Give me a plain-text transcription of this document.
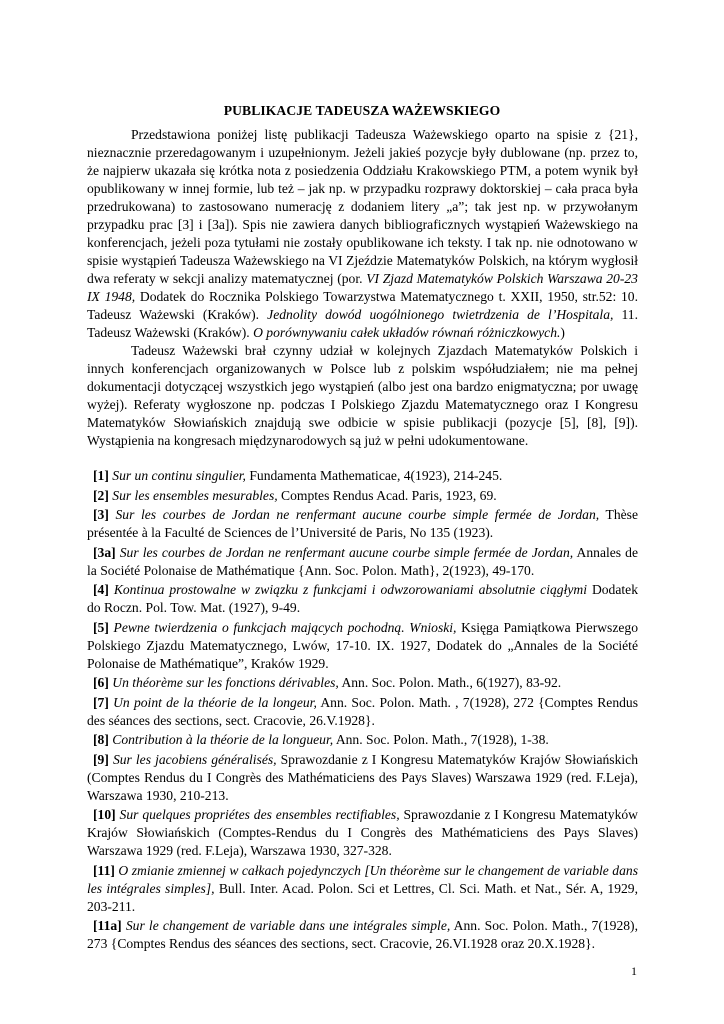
PUBLIKACJE TADEUSZA WAŻEWSKIEGO

Przedstawiona poniżej listę publikacji Tadeusza Ważewskiego oparto na spisie z {21}, nieznacznie przeredagowanym i uzupełnionym. Jeżeli jakieś pozycje były dublowane (np. przez to, że najpierw ukazała się krótka nota z posiedzenia Oddziału Krakowskiego PTM, a potem wynik był opublikowany w innej formie, lub też – jak np. w przypadku rozprawy doktorskiej – cała praca była przedrukowana) to zastosowano numerację z dodaniem litery „a”; tak jest np. w przywołanym przypadku prac [3] i [3a]). Spis nie zawiera danych bibliograficznych wystąpień Ważewskiego na konferencjach, jeżeli poza tytułami nie zostały opublikowane ich teksty. I tak np. nie odnotowano w spisie wystąpień Tadeusza Ważewskiego na VI Zjeździe Matematyków Polskich, na którym wygłosił dwa referaty w sekcji analizy matematycznej (por. VI Zjazd Matematyków Polskich Warszawa 20-23 IX 1948, Dodatek do Rocznika Polskiego Towarzystwa Matematycznego t. XXII, 1950, str.52: 10. Tadeusz Ważewski (Kraków). Jednolity dowód uogólnionego twietrdzenia de l’Hospitala, 11. Tadeusz Ważewski (Kraków). O porównywaniu całek układów równań różniczkowych.)

Tadeusz Ważewski brał czynny udział w kolejnych Zjazdach Matematyków Polskich i innych konferencjach organizowanych w Polsce lub z polskim współudziałem; nie ma pełnej dokumentacji dotyczącej wszystkich jego wystąpień (albo jest ona bardzo enigmatyczna; por uwagę wyżej). Referaty wygłoszone np. podczas I Polskiego Zjazdu Matematycznego oraz I Kongresu Matematyków Słowiańskich znajdują swe odbicie w spisie publikacji (pozycje [5], [8], [9]). Wystąpienia na kongresach międzynarodowych są już w pełni udokumentowane.

[1] Sur un continu singulier, Fundamenta Mathematicae, 4(1923), 214-245.

[2] Sur les ensembles mesurables, Comptes Rendus Acad. Paris, 1923, 69.

[3] Sur les courbes de Jordan ne renfermant aucune courbe simple fermée de Jordan, Thèse présentée à la Faculté de Sciences de l’Université de Paris, No 135 (1923).

[3a] Sur les courbes de Jordan ne renfermant aucune courbe simple fermée de Jordan, Annales de la Société Polonaise de Mathématique {Ann. Soc. Polon. Math}, 2(1923), 49-170.

[4] Kontinua prostowalne w związku z funkcjami i odwzorowaniami absolutnie ciągłymi Dodatek do Roczn. Pol. Tow. Mat. (1927), 9-49.

[5] Pewne twierdzenia o funkcjach mających pochodną. Wnioski, Księga Pamiątkowa Pierwszego Polskiego Zjazdu Matematycznego, Lwów, 17-10. IX. 1927, Dodatek do „Annales de la Société Polonaise de Mathématique”, Kraków 1929.

[6] Un théorème sur les fonctions dérivables, Ann. Soc. Polon. Math., 6(1927), 83-92.

[7] Un point de la théorie de la longeur, Ann. Soc. Polon. Math. , 7(1928), 272 {Comptes Rendus des séances des sections, sect. Cracovie, 26.V.1928}.

[8] Contribution à la théorie de la longueur, Ann. Soc. Polon. Math., 7(1928), 1-38.

[9] Sur les jacobiens généralisés, Sprawozdanie z I Kongresu Matematyków Krajów Słowiańskich (Comptes Rendus du I Congrès des Mathématiciens des Pays Slaves) Warszawa 1929 (red. F.Leja), Warszawa 1930, 210-213.

[10] Sur quelques propriétes des ensembles rectifiables, Sprawozdanie z I Kongresu Matematyków Krajów Słowiańskich (Comptes-Rendus du I Congrès des Mathématiciens des Pays Slaves) Warszawa 1929 (red. F.Leja), Warszawa 1930, 327-328.

[11] O zmianie zmiennej w całkach pojedynczych [Un théorème sur le changement de variable dans les intégrales simples], Bull. Inter. Acad. Polon. Sci et Lettres, Cl. Sci. Math. et Nat., Sér. A, 1929, 203-211.

[11a] Sur le changement de variable dans une intégrales simple, Ann. Soc. Polon. Math., 7(1928), 273 {Comptes Rendus des séances des sections, sect. Cracovie, 26.VI.1928 oraz 20.X.1928}.

1
